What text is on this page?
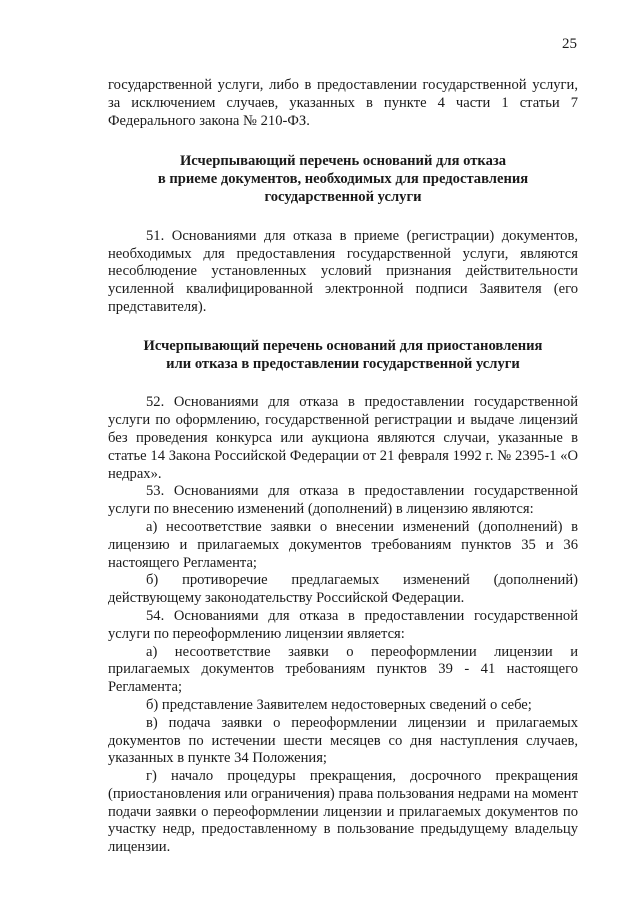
25

государственной услуги, либо в предоставлении государственной услуги, за исключением случаев, указанных в пункте 4 части 1 статьи 7 Федерального закона № 210-ФЗ.

Исчерпывающий перечень оснований для отказа
в приеме документов, необходимых для предоставления
государственной услуги

51. Основаниями для отказа в приеме (регистрации) документов, необходимых для предоставления государственной услуги, являются несоблюдение установленных условий признания действительности усиленной квалифицированной электронной подписи Заявителя (его представителя).

Исчерпывающий перечень оснований для приостановления
или отказа в предоставлении государственной услуги

52. Основаниями для отказа в предоставлении государственной услуги по оформлению, государственной регистрации и выдаче лицензий без проведения конкурса или аукциона являются случаи, указанные в статье 14 Закона Российской Федерации от 21 февраля 1992 г. № 2395-1 «О недрах».

53. Основаниями для отказа в предоставлении государственной услуги по внесению изменений (дополнений) в лицензию являются:

а) несоответствие заявки о внесении изменений (дополнений) в лицензию и прилагаемых документов требованиям пунктов 35 и 36 настоящего Регламента;

б) противоречие предлагаемых изменений (дополнений) действующему законодательству Российской Федерации.

54. Основаниями для отказа в предоставлении государственной услуги по переоформлению лицензии является:

а) несоответствие заявки о переоформлении лицензии и прилагаемых документов требованиям пунктов 39 - 41 настоящего Регламента;

б) представление Заявителем недостоверных сведений о себе;

в) подача заявки о переоформлении лицензии и прилагаемых документов по истечении шести месяцев со дня наступления случаев, указанных в пункте 34 Положения;

г) начало процедуры прекращения, досрочного прекращения (приостановления или ограничения) права пользования недрами на момент подачи заявки о переоформлении лицензии и прилагаемых документов по участку недр, предоставленному в пользование предыдущему владельцу лицензии.
